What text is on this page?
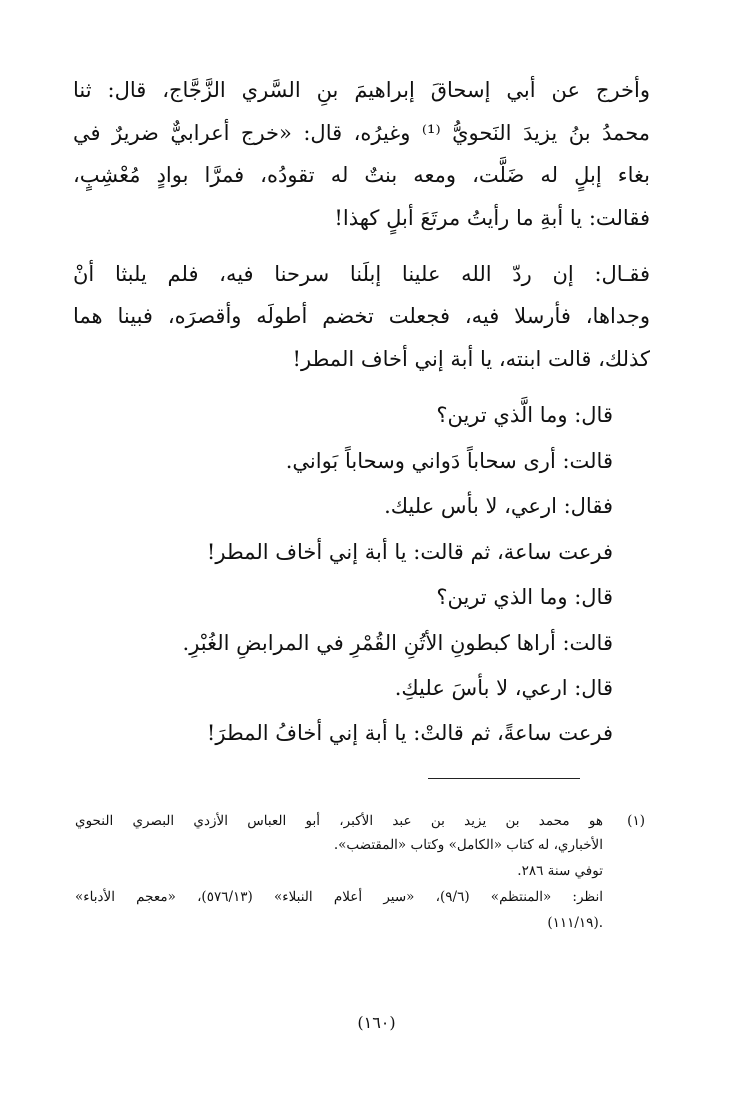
وأخرج عن أبي إسحاقَ إبراهيمَ بنِ السَّري الزَّجَّاج، قال: ثنا
محمدُ بنُ يزيدَ النَحويُّ ⁽¹⁾ وغيرُه، قال: «خرج أعرابيٌّ ضريرٌ في
بغاء إبلٍ له ضَلَّت، ومعه بنتٌ له تقودُه، فمرَّا بوادٍ مُعْشِبٍ،
فقالت: يا أبةِ ما رأيتُ مرتَعَ أبلٍ كهذا!
فقـال: إن ردّ الله علينا إبلَنا سرحنا فيه، فلم يلبثا أنْ
وجداها، فأرسلا فيه، فجعلت تخضم أطولَه وأقصرَه، فبينا هما
كذلك، قالت ابنته، يا أبة إني أخاف المطر!
قال: وما الَّذي ترين؟
قالت: أرى سحاباً دَواني وسحاباً بَواني.
فقال: ارعي، لا بأس عليك.
فرعت ساعة، ثم قالت: يا أبة إني أخاف المطر!
قال: وما الذي ترين؟
قالت: أراها كبطونِ الأتُنِ القُمْرِ في المرابضِ الغُبْرِ.
قال: ارعي، لا بأسَ عليكِ.
فرعت ساعةً، ثم قالتْ: يا أبة إني أخافُ المطرَ!
(١)
هو محمد بن يزيد بن عبد الأكبر، أبو العباس الأزدي البصري النحوي
الأخباري، له كتاب «الكامل» وكتاب «المقتضب».
توفي سنة ٢٨٦.
انظر: «المنتظم» (٩/٦)، «سير أعلام النبلاء» (٥٧٦/١٣)، «معجم الأدباء»
(١١١/١٩).
(١٦٠)
